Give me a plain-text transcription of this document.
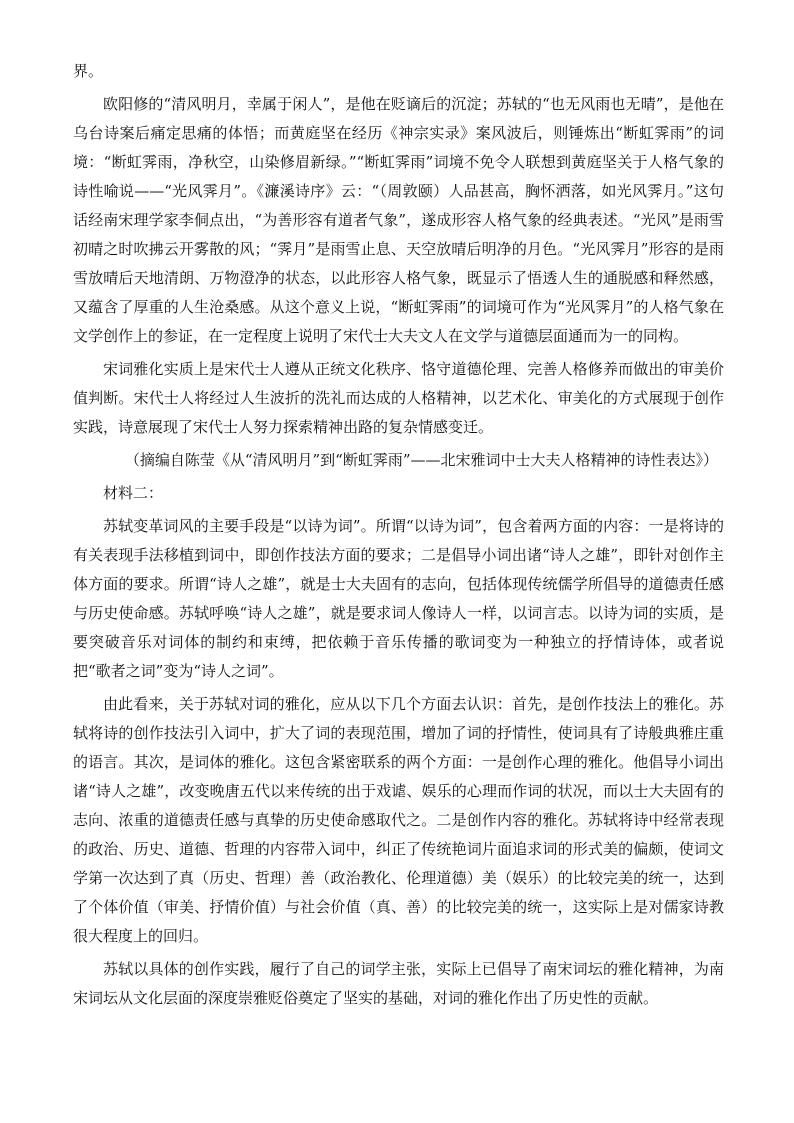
界。

欧阳修的“清风明月，幸属于闲人”，是他在贬谪后的沉淀；苏轼的“也无风雨也无晴”，是他在乌台诗案后痛定思痛的体悟；而黄庭坚在经历《神宗实录》案风波后，则锤炼出“断虹霁雨”的词境：“断虹霁雨，净秋空，山染修眉新绿。”“断虹霁雨”词境不免令人联想到黄庭坚关于人格气象的诗性喻说——“光风霁月”。《濂溪诗序》云：“（周敦颐）人品甚高，胸怀洒落，如光风霁月。”这句话经南宋理学家李侗点出，“为善形容有道者气象”，遂成形容人格气象的经典表述。“光风”是雨雪初晴之时吹拂云开雾散的风；“霁月”是雨雪止息、天空放晴后明净的月色。“光风霁月”形容的是雨雪放晴后天地清朗、万物澄净的状态，以此形容人格气象，既显示了悟透人生的通脱感和释然感，又蕴含了厚重的人生沧桑感。从这个意义上说，“断虹霁雨”的词境可作为“光风霁月”的人格气象在文学创作上的参证，在一定程度上说明了宋代士大夫文人在文学与道德层面通而为一的同构。

宋词雅化实质上是宋代士人遵从正统文化秩序、恪守道德伦理、完善人格修养而做出的审美价值判断。宋代士人将经过人生波折的洗礼而达成的人格精神，以艺术化、审美化的方式展现于创作实践，诗意展现了宋代士人努力探索精神出路的复杂情感变迁。

（摘编自陈莹《从“清风明月”到“断虹霁雨”——北宋雅词中士大夫人格精神的诗性表达》）

材料二：

苏轼变革词风的主要手段是“以诗为词”。所谓“以诗为词”，包含着两方面的内容：一是将诗的有关表现手法移植到词中，即创作技法方面的要求；二是倡导小词出诸“诗人之雄”，即针对创作主体方面的要求。所谓“诗人之雄”，就是士大夫固有的志向，包括体现传统儒学所倡导的道德责任感与历史使命感。苏轼呼唤“诗人之雄”，就是要求词人像诗人一样，以词言志。以诗为词的实质，是要突破音乐对词体的制约和束缚，把依赖于音乐传播的歌词变为一种独立的抒情诗体，或者说把“歌者之词”变为“诗人之词”。

由此看来，关于苏轼对词的雅化，应从以下几个方面去认识：首先，是创作技法上的雅化。苏轼将诗的创作技法引入词中，扩大了词的表现范围，增加了词的抒情性，使词具有了诗般典雅庄重的语言。其次，是词体的雅化。这包含紧密联系的两个方面：一是创作心理的雅化。他倡导小词出诸“诗人之雄”，改变晚唐五代以来传统的出于戏谑、娱乐的心理而作词的状况，而以士大夫固有的志向、浓重的道德责任感与真挚的历史使命感取代之。二是创作内容的雅化。苏轼将诗中经常表现的政治、历史、道德、哲理的内容带入词中，纠正了传统艳词片面追求词的形式美的偏颇，使词文学第一次达到了真（历史、哲理）善（政治教化、伦理道德）美（娱乐）的比较完美的统一，达到了个体价值（审美、抒情价值）与社会价值（真、善）的比较完美的统一，这实际上是对儒家诗教很大程度上的回归。

苏轼以具体的创作实践，履行了自己的词学主张，实际上已倡导了南宋词坛的雅化精神，为南宋词坛从文化层面的深度崇雅贬俗奠定了坚实的基础，对词的雅化作出了历史性的贡献。
